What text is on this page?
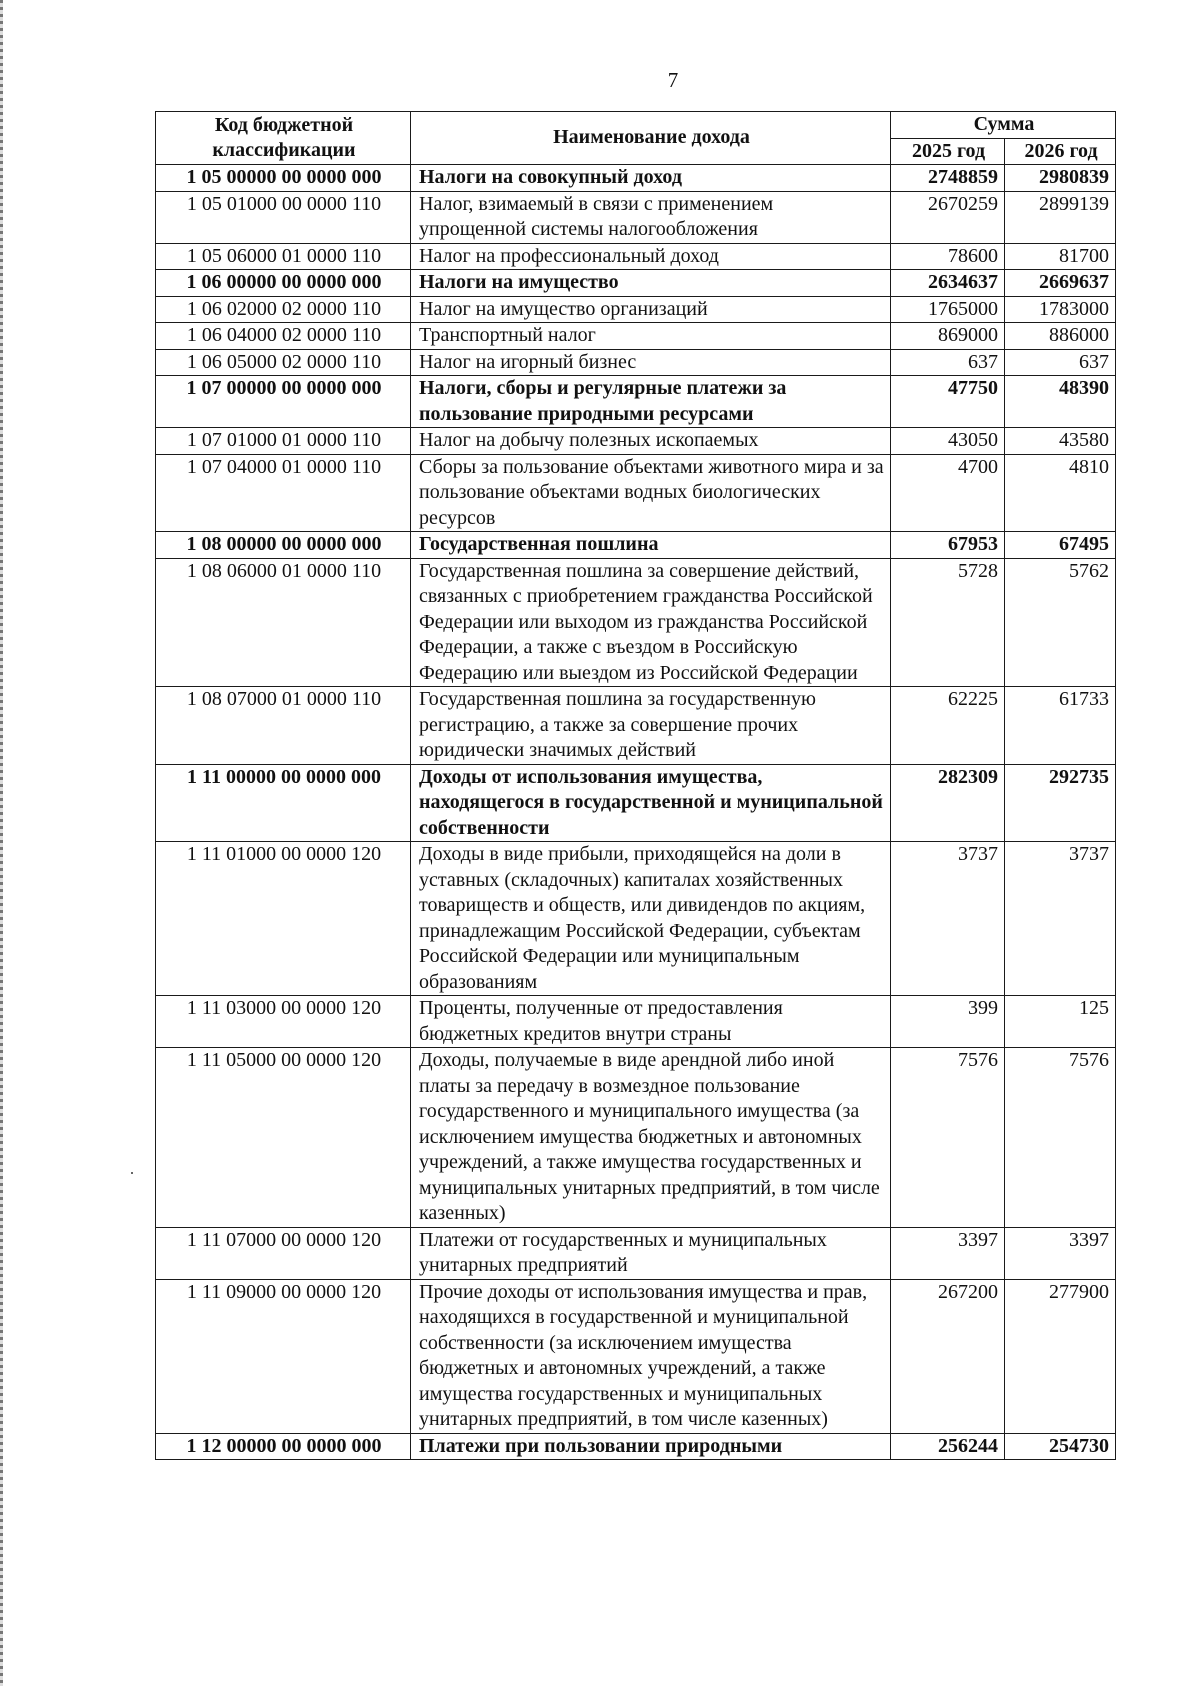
7
Код бюджетной классификации	Наименование дохода	Сумма	
		2025 год	2026 год
1 05 00000 00 0000 000	Налоги на совокупный доход	2748859	2980839
1 05 01000 00 0000 110	Налог, взимаемый в связи с применением упрощенной системы налогообложения	2670259	2899139
1 05 06000 01 0000 110	Налог на профессиональный доход	78600	81700
1 06 00000 00 0000 000	Налоги на имущество	2634637	2669637
1 06 02000 02 0000 110	Налог на имущество организаций	1765000	1783000
1 06 04000 02 0000 110	Транспортный налог	869000	886000
1 06 05000 02 0000 110	Налог на игорный бизнес	637	637
1 07 00000 00 0000 000	Налоги, сборы и регулярные платежи за пользование природными ресурсами	47750	48390
1 07 01000 01 0000 110	Налог на добычу полезных ископаемых	43050	43580
1 07 04000 01 0000 110	Сборы за пользование объектами животного мира и за пользование объектами водных биологических ресурсов	4700	4810
1 08 00000 00 0000 000	Государственная пошлина	67953	67495
1 08 06000 01 0000 110	Государственная пошлина за совершение действий, связанных с приобретением гражданства Российской Федерации или выходом из гражданства Российской Федерации, а также с въездом в Российскую Федерацию или выездом из Российской Федерации	5728	5762
1 08 07000 01 0000 110	Государственная пошлина за государственную регистрацию, а также за совершение прочих юридически значимых действий	62225	61733
1 11 00000 00 0000 000	Доходы от использования имущества, находящегося в государственной и муниципальной собственности	282309	292735
1 11 01000 00 0000 120	Доходы в виде прибыли, приходящейся на доли в уставных (складочных) капиталах хозяйственных товариществ и обществ, или дивидендов по акциям, принадлежащим Российской Федерации, субъектам Российской Федерации или муниципальным образованиям	3737	3737
1 11 03000 00 0000 120	Проценты, полученные от предоставления бюджетных кредитов внутри страны	399	125
1 11 05000 00 0000 120	Доходы, получаемые в виде арендной либо иной платы за передачу в возмездное пользование государственного и муниципального имущества (за исключением имущества бюджетных и автономных учреждений, а также имущества государственных и муниципальных унитарных предприятий, в том числе казенных)	7576	7576
1 11 07000 00 0000 120	Платежи от государственных и муниципальных унитарных предприятий	3397	3397
1 11 09000 00 0000 120	Прочие доходы от использования имущества и прав, находящихся в государственной и муниципальной собственности (за исключением имущества бюджетных и автономных учреждений, а также имущества государственных и муниципальных унитарных предприятий, в том числе казенных)	267200	277900
1 12 00000 00 0000 000	Платежи при пользовании природными	256244	254730
